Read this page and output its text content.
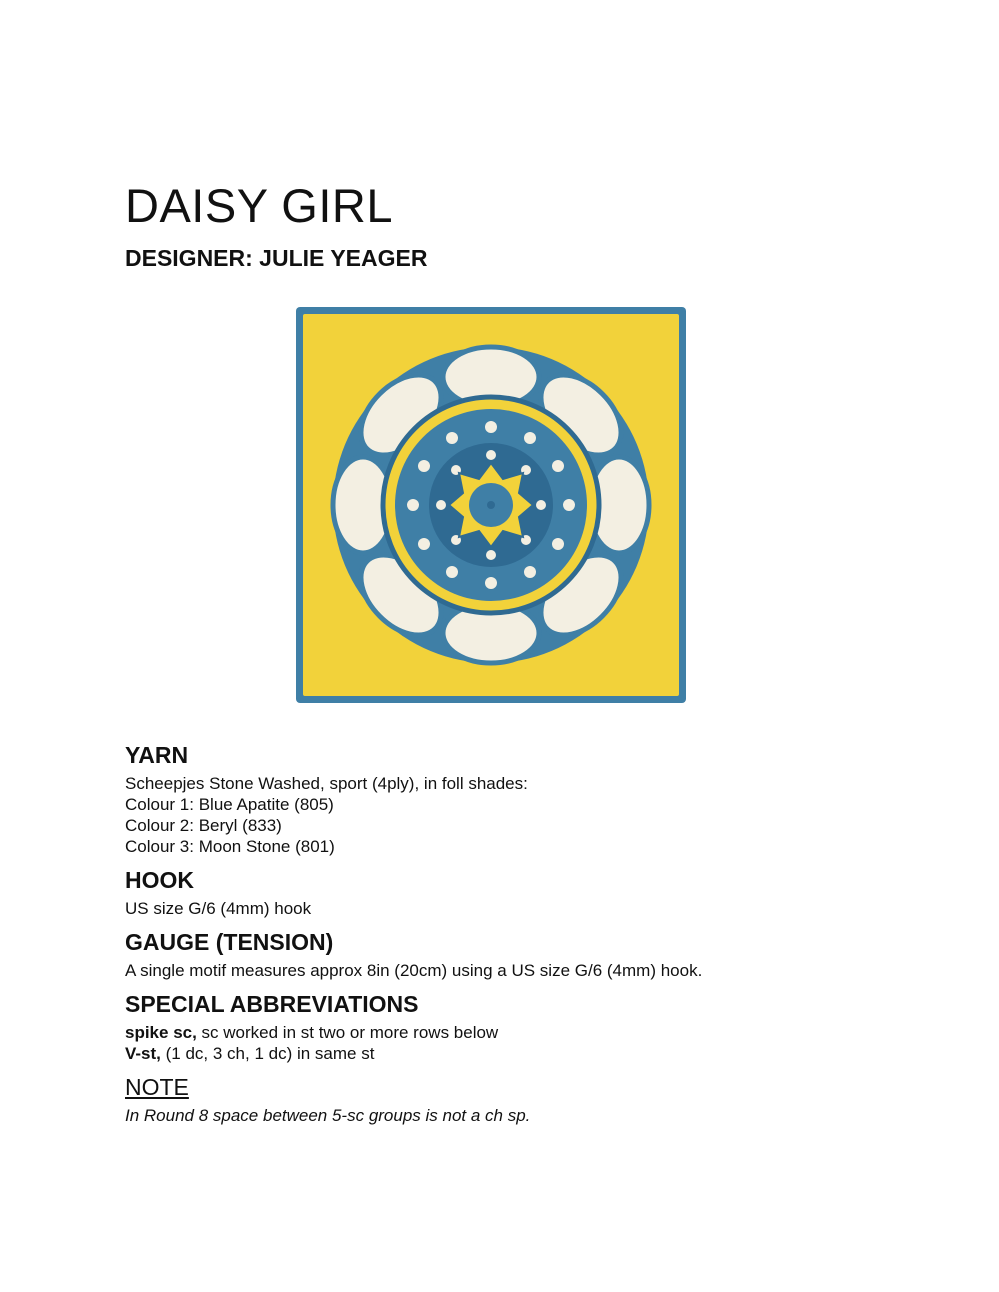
DAISY GIRL
DESIGNER: JULIE YEAGER
YARN

Scheepjes Stone Washed, sport (4ply), in foll shades:

Colour 1: Blue Apatite (805)

Colour 2: Beryl (833)

Colour 3: Moon Stone (801)

HOOK

US size G/6 (4mm) hook

GAUGE (TENSION)

A single motif measures approx 8in (20cm) using a US size G/6 (4mm) hook.

SPECIAL ABBREVIATIONS

spike sc, sc worked in st two or more rows below

V-st, (1 dc, 3 ch, 1 dc) in same st

NOTE

In Round 8 space between 5-sc groups is not a ch sp.
